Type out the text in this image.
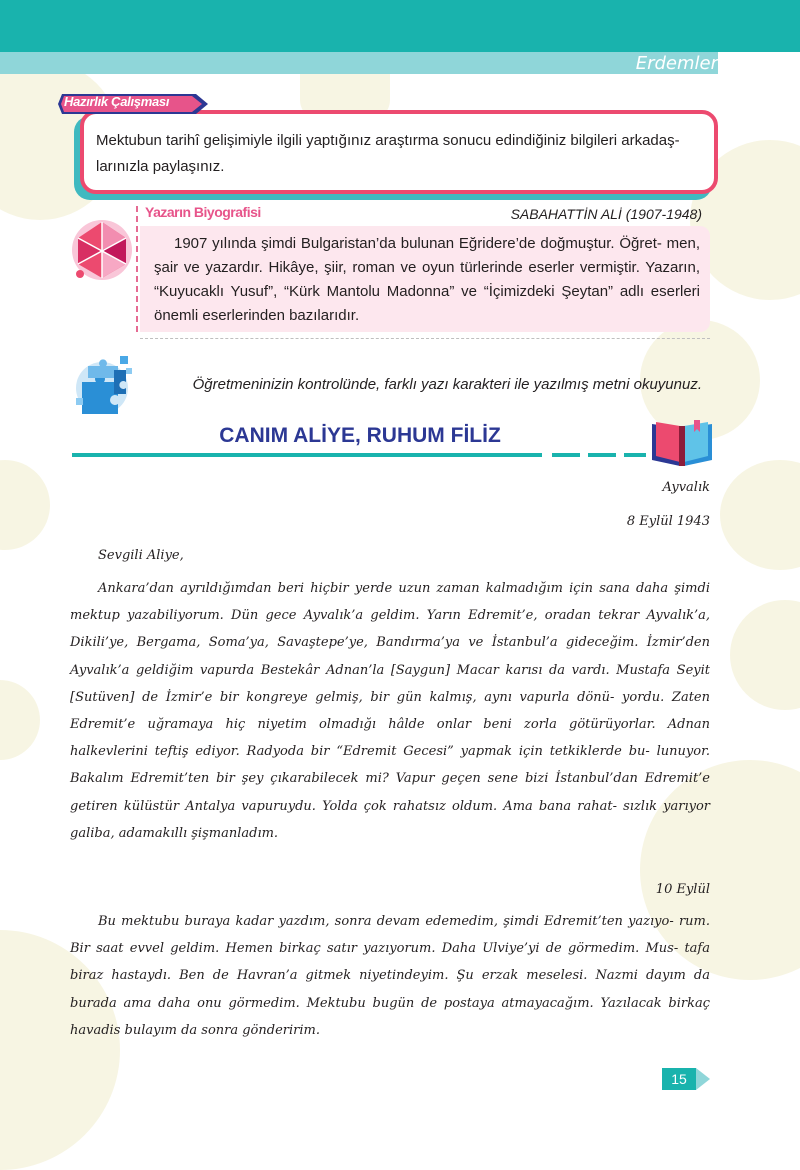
Erdemler
Hazırlık Çalışması
Mektubun tarihî gelişimiyle ilgili yaptığınız araştırma sonucu edindiğiniz bilgileri arkadaş- larınızla paylaşınız.
Yazarın Biyografisi	SABAHATTİN ALİ (1907-1948)
1907 yılında şimdi Bulgaristan’da bulunan Eğridere’de doğmuştur. Öğret- men, şair ve yazardır. Hikâye, şiir, roman ve oyun türlerinde eserler vermiştir. Yazarın, “Kuyucaklı Yusuf”, “Kürk Mantolu Madonna” ve “İçimizdeki Şeytan” adlı eserleri önemli eserlerinden bazılarıdır.
Öğretmeninizin kontrolünde, farklı yazı karakteri ile yazılmış metni okuyunuz.
CANIM ALİYE, RUHUM FİLİZ
Ayvalık
8 Eylül 1943
Sevgili Aliye,
Ankara’dan ayrıldığımdan beri hiçbir yerde uzun zaman kalmadığım için sana daha şimdi mektup yazabiliyorum. Dün gece Ayvalık’a geldim. Yarın Edremit’e, oradan tekrar Ayvalık’a, Dikili’ye, Bergama, Soma’ya, Savaştepe’ye, Bandırma’ya ve İstanbul’a gideceğim. İzmir’den Ayvalık’a geldiğim vapurda Bestekâr Adnan’la [Saygun] Macar karısı da vardı. Mustafa Seyit [Sutüven] de İzmir’e bir kongreye gelmiş, bir gün kalmış, aynı vapurla dönü- yordu. Zaten Edremit’e uğramaya hiç niyetim olmadığı hâlde onlar beni zorla götürüyorlar. Adnan halkevlerini teftiş ediyor. Radyoda bir “Edremit Gecesi” yapmak için tetkiklerde bu- lunuyor. Bakalım Edremit’ten bir şey çıkarabilecek mi? Vapur geçen sene bizi İstanbul’dan Edremit’e getiren külüstür Antalya vapuruydu. Yolda çok rahatsız oldum. Ama bana rahat- sızlık yarıyor galiba, adamakıllı şişmanladım.
10 Eylül
Bu mektubu buraya kadar yazdım, sonra devam edemedim, şimdi Edremit’ten yazıyo- rum. Bir saat evvel geldim. Hemen birkaç satır yazıyorum. Daha Ulviye’yi de görmedim. Mus- tafa biraz hastaydı. Ben de Havran’a gitmek niyetindeyim. Şu erzak meselesi. Nazmi dayım da burada ama daha onu görmedim. Mektubu bugün de postaya atmayacağım. Yazılacak birkaç havadis bulayım da sonra gönderirim.
15
